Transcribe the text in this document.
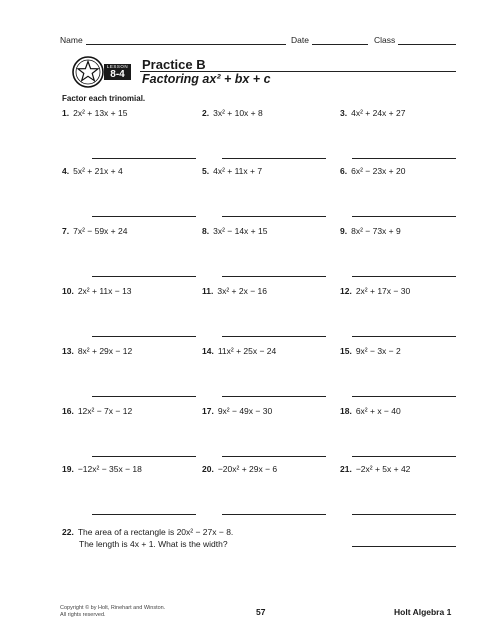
Name	Date	Class
LESSON
8-4
Practice B
Factoring ax² + bx + c
Factor each trinomial.
1. 2x² + 13x + 15	2. 3x² + 10x + 8	3. 4x² + 24x + 27
4. 5x² + 21x + 4	5. 4x² + 11x + 7	6. 6x² − 23x + 20
7. 7x² − 59x + 24	8. 3x² − 14x + 15	9. 8x² − 73x + 9
10. 2x² + 11x − 13	11. 3x² + 2x − 16	12. 2x² + 17x − 30
13. 8x² + 29x − 12	14. 11x² + 25x − 24	15. 9x² − 3x − 2
16. 12x² − 7x − 12	17. 9x² − 49x − 30	18. 6x² + x − 40
19. −12x² − 35x − 18	20. −20x² + 29x − 6	21. −2x² + 5x + 42
22. The area of a rectangle is 20x² − 27x − 8.
The length is 4x + 1. What is the width?
Copyright © by Holt, Rinehart and Winston.
All rights reserved.	57	Holt Algebra 1
